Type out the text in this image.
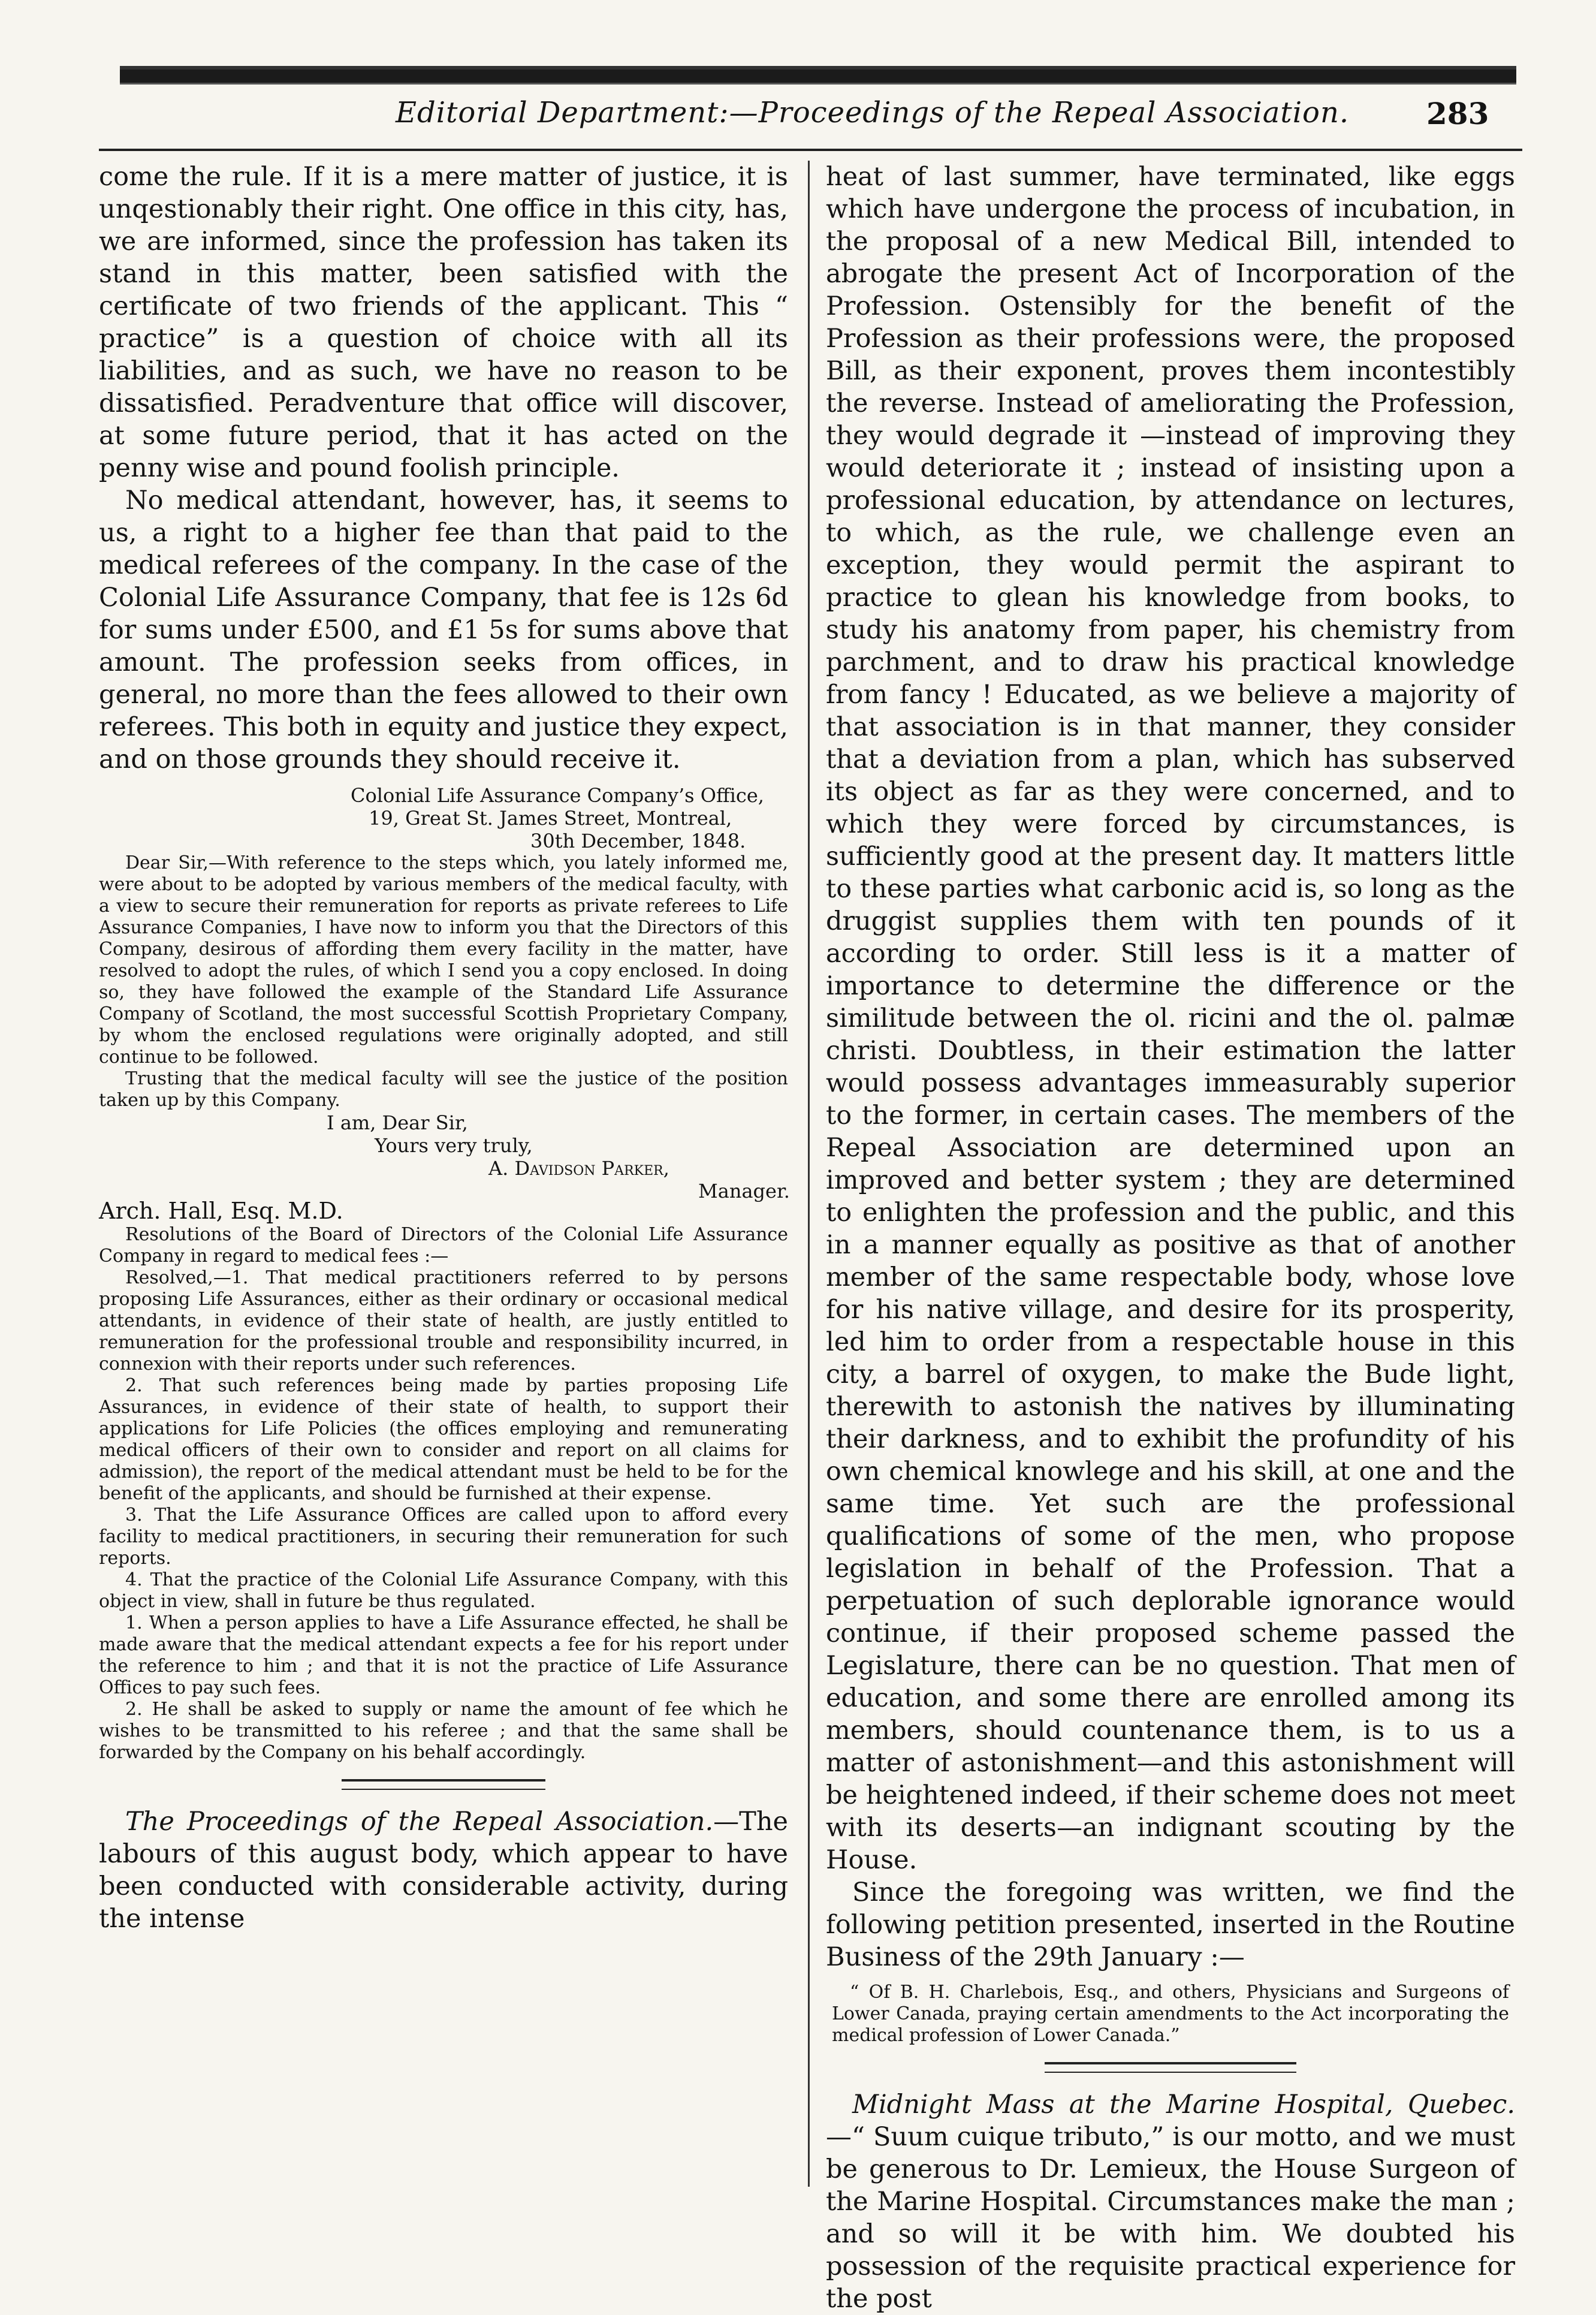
Editorial Department:—Proceedings of the Repeal Association.	283

come the rule. If it is a mere matter of justice, it is unqestionably their right. One office in this city, has, we are informed, since the profession has taken its stand in this matter, been satisfied with the certificate of two friends of the applicant. This “ practice” is a question of choice with all its liabilities, and as such, we have no reason to be dissatisfied. Peradventure that office will discover, at some future period, that it has acted on the penny wise and pound foolish principle.

No medical attendant, however, has, it seems to us, a right to a higher fee than that paid to the medical referees of the company. In the case of the Colonial Life Assurance Company, that fee is 12s 6d for sums under £500, and £1 5s for sums above that amount. The profession seeks from offices, in general, no more than the fees allowed to their own referees. This both in equity and justice they expect, and on those grounds they should receive it.

Colonial Life Assurance Company’s Office,
19, Great St. James Street, Montreal,
30th December, 1848.

Dear Sir,—With reference to the steps which, you lately informed me, were about to be adopted by various members of the medical faculty, with a view to secure their remuneration for reports as private referees to Life Assurance Companies, I have now to inform you that the Directors of this Company, desirous of affording them every facility in the matter, have resolved to adopt the rules, of which I send you a copy enclosed. In doing so, they have followed the example of the Standard Life Assurance Company of Scotland, the most successful Scottish Proprietary Company, by whom the enclosed regulations were originally adopted, and still continue to be followed.

Trusting that the medical faculty will see the justice of the position taken up by this Company.

I am, Dear Sir,
Yours very truly,
A. Davidson Parker,
Manager.

Arch. Hall, Esq. M.D.

Resolutions of the Board of Directors of the Colonial Life Assurance Company in regard to medical fees :—

Resolved,—1. That medical practitioners referred to by persons proposing Life Assurances, either as their ordinary or occasional medical attendants, in evidence of their state of health, are justly entitled to remuneration for the professional trouble and responsibility incurred, in connexion with their reports under such references.

2. That such references being made by parties proposing Life Assurances, in evidence of their state of health, to support their applications for Life Policies (the offices employing and remunerating medical officers of their own to consider and report on all claims for admission), the report of the medical attendant must be held to be for the benefit of the applicants, and should be furnished at their expense.

3. That the Life Assurance Offices are called upon to afford every facility to medical practitioners, in securing their remuneration for such reports.

4. That the practice of the Colonial Life Assurance Company, with this object in view, shall in future be thus regulated.

1. When a person applies to have a Life Assurance effected, he shall be made aware that the medical attendant expects a fee for his report under the reference to him ; and that it is not the practice of Life Assurance Offices to pay such fees.

2. He shall be asked to supply or name the amount of fee which he wishes to be transmitted to his referee ; and that the same shall be forwarded by the Company on his behalf accordingly.

The Proceedings of the Repeal Association.—The labours of this august body, which appear to have been conducted with considerable activity, during the intense

heat of last summer, have terminated, like eggs which have undergone the process of incubation, in the proposal of a new Medical Bill, intended to abrogate the present Act of Incorporation of the Profession. Ostensibly for the benefit of the Profession as their professions were, the proposed Bill, as their exponent, proves them incontestibly the reverse. Instead of ameliorating the Profession, they would degrade it —instead of improving they would deteriorate it ; instead of insisting upon a professional education, by attendance on lectures, to which, as the rule, we challenge even an exception, they would permit the aspirant to practice to glean his knowledge from books, to study his anatomy from paper, his chemistry from parchment, and to draw his practical knowledge from fancy ! Educated, as we believe a majority of that association is in that manner, they consider that a deviation from a plan, which has subserved its object as far as they were concerned, and to which they were forced by circumstances, is sufficiently good at the present day. It matters little to these parties what carbonic acid is, so long as the druggist supplies them with ten pounds of it according to order. Still less is it a matter of importance to determine the difference or the similitude between the ol. ricini and the ol. palmæ christi. Doubtless, in their estimation the latter would possess advantages immeasurably superior to the former, in certain cases. The members of the Repeal Association are determined upon an improved and better system ; they are determined to enlighten the profession and the public, and this in a manner equally as positive as that of another member of the same respectable body, whose love for his native village, and desire for its prosperity, led him to order from a respectable house in this city, a barrel of oxygen, to make the Bude light, therewith to astonish the natives by illuminating their darkness, and to exhibit the profundity of his own chemical knowlege and his skill, at one and the same time. Yet such are the professional qualifications of some of the men, who propose legislation in behalf of the Profession. That a perpetuation of such deplorable ignorance would continue, if their proposed scheme passed the Legislature, there can be no question. That men of education, and some there are enrolled among its members, should countenance them, is to us a matter of astonishment—and this astonishment will be heightened indeed, if their scheme does not meet with its deserts—an indignant scouting by the House.

Since the foregoing was written, we find the following petition presented, inserted in the Routine Business of the 29th January :—

“ Of B. H. Charlebois, Esq., and others, Physicians and Surgeons of Lower Canada, praying certain amendments to the Act incorporating the medical profession of Lower Canada.”

Midnight Mass at the Marine Hospital, Quebec.—“ Suum cuique tributo,” is our motto, and we must be generous to Dr. Lemieux, the House Surgeon of the Marine Hospital. Circumstances make the man ; and so will it be with him. We doubted his possession of the requisite practical experience for the post
